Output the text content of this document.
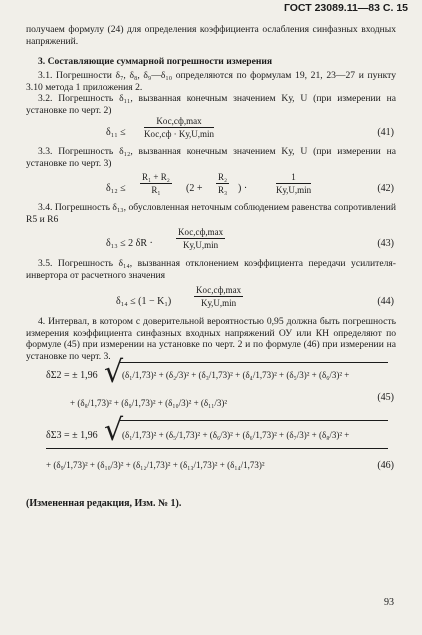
ГОСТ 23089.11—83 С. 15
получаем формулу (24) для определения коэффициента ослабления синфазных входных напряжений.
3. Составляющие суммарной погрешности измерения
3.1. Погрешности δ₇, δ₈, δ₉—δ₁₀ определяются по формулам 19, 21, 23—27 и пункту 3.10 метода 1 приложения 2.
3.2. Погрешность δ₁₁, вызванная конечным значением Kу, U (при измерении на установке по черт. 2)
δ₁₁ ≤
Kос,сф,max
Kос,сф · Kу,U,min	(41)
3.3. Погрешность δ₁₂, вызванная конечным значением Kу, U (при измерении на установке по черт. 3)
$\delta_{12} \le \frac{\text{R₁ + R₂}}{\text{R₁}} (2 + \frac{\text{R₂}}{\text{R₃}}$ ) ·
1
Kу,U,min	(42)
3.4. Погрешность δ₁₃, обусловленная неточным соблюдением равенства сопротивлений R5 и R6
δ₁₃ ≤ 2 δR ·
Kос,сф,max
Kу,U,min	(43)
3.5. Погрешность δ₁₄, вызванная отклонением коэффициента передачи усилителя-инвертора от расчетного значения
δ₁₄ ≤ (1 − K₁)
Kос,сф,max
Kу,U,min	(44)
4. Интервал, в котором с доверительной вероятностью 0,95 должна быть погрешность измерения коэффициента синфазных входных напряжений ОУ или КН определяют по формуле (45) при измерении на установке по черт. 2 и по формуле (46) при измерении на установке по черт. 3.
δΣ2 = ± 1,96 √
(δ₁/1,73)² + (δ₂/3)² + (δ₃/1,73)² + (δ₄/1,73)² + (δ₅/3)² + (δ₆/3)² +
+ (δ₈/1,73)² + (δ₉/1,73)² + (δ₁₀/3)² + (δ₁₁/3)²	(45)
δΣ3 = ± 1,96 √
(δ₁/1,73)² + (δ₅/1,73)² + (δ₆/3)² + (δ₆/1,73)² + (δ₇/3)² + (δ₈/3)² +
+ (δ₉/1,73)² + (δ₁₀/3)² + (δ₁₂/1,73)² + (δ₁₃/1,73)² + (δ₁₄/1,73)²	(46)
(Измененная редакция, Изм. № 1).
93
